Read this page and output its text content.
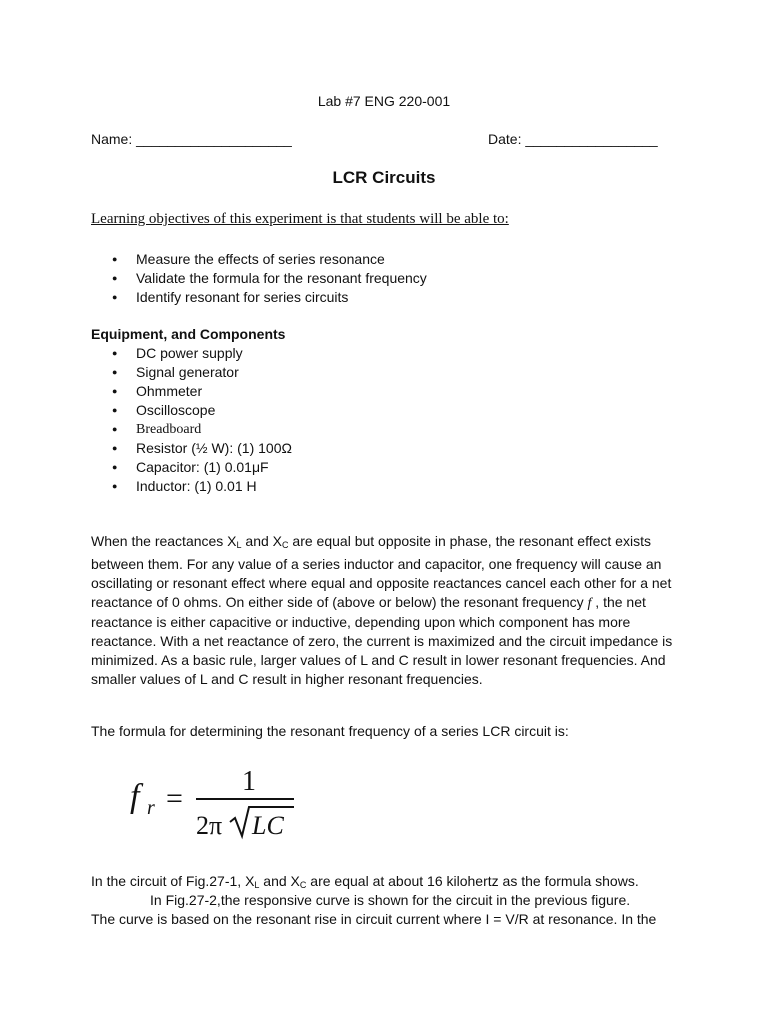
Lab #7 ENG 220-001
Name: ____________________	Date: _________________
LCR Circuits
Learning objectives of this experiment is that students will be able to:
● Measure the effects of series resonance
● Validate the formula for the resonant frequency
● Identify resonant for series circuits
Equipment, and Components
● DC power supply
● Signal generator
● Ohmmeter
● Oscilloscope
● Breadboard
● Resistor (½ W): (1) 100Ω
● Capacitor: (1) 0.01μF
● Inductor: (1) 0.01 H

When the reactances $X_L$ and $X_C$ are equal but opposite in phase, the resonant effect exists between them. For any value of a series inductor and capacitor, one frequency will cause an oscillating or resonant effect where equal and opposite reactances cancel each other for a net reactance of 0 ohms. On either side of (above or below) the resonant frequency f , the net reactance is either capacitive or inductive, depending upon which component has more reactance. With a net reactance of zero, the current is maximized and the circuit impedance is minimized. As a basic rule, larger values of L and C result in lower resonant frequencies. And smaller values of L and C result in higher resonant frequencies.

The formula for determining the resonant frequency of a series LCR circuit is:

f r =
1
2π LC

In the circuit of Fig.27-1, $X_L$ and $X_C$ are equal at about 16 kilohertz as the formula shows.

In Fig.27-2,the responsive curve is shown for the circuit in the previous figure.

The curve is based on the resonant rise in circuit current where I = V/R at resonance. In the
